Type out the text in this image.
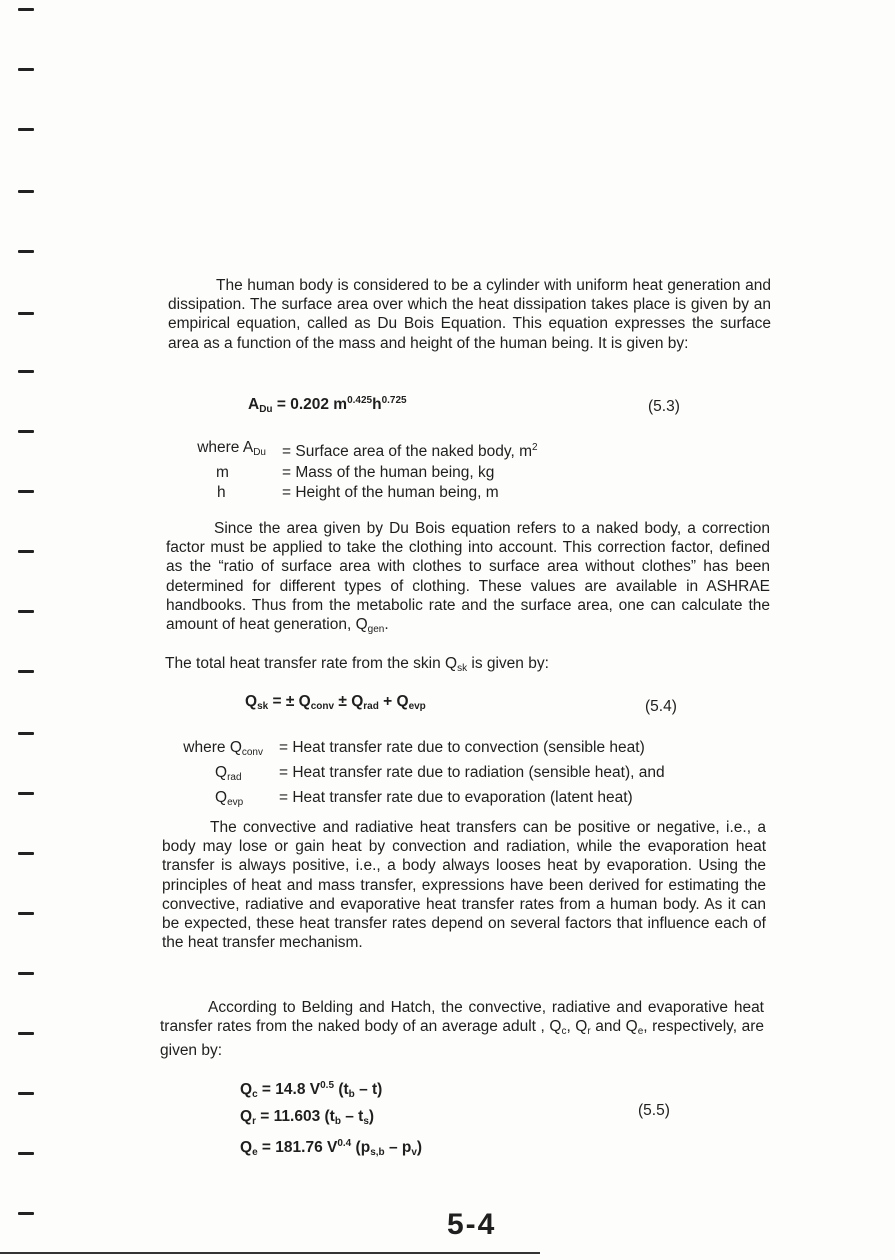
The human body is considered to be a cylinder with uniform heat generation and dissipation. The surface area over which the heat dissipation takes place is given by an empirical equation, called as Du Bois Equation. This equation expresses the surface area as a function of the mass and height of the human being. It is given by:

$A_{Du} = 0.202$ $m^{0.425}h^{0.725}$	(5.3)
where $A_{Du}$	= Surface area of the naked body, $m^2$
m	= Mass of the human being, kg
h	= Height of the human being, m

Since the area given by Du Bois equation refers to a naked body, a correction factor must be applied to take the clothing into account. This correction factor, defined as the “ratio of surface area with clothes to surface area without clothes” has been determined for different types of clothing. These values are available in ASHRAE handbooks. Thus from the metabolic rate and the surface area, one can calculate the amount of heat generation, $Q_{gen}$.

The total heat transfer rate from the skin $Q_{sk}$ is given by:
$Q_{sk}$ = ± $Q_{conv} \pm Q_{rad} + Q_{evp}$	(5.4)
where $Q_{conv}$	= Heat transfer rate due to convection (sensible heat)
$Q_{rad}$	= Heat transfer rate due to radiation (sensible heat), and
$Q_{evp}$	= Heat transfer rate due to evaporation (latent heat)

The convective and radiative heat transfers can be positive or negative, i.e., a body may lose or gain heat by convection and radiation, while the evaporation heat transfer is always positive, i.e., a body always looses heat by evaporation. Using the principles of heat and mass transfer, expressions have been derived for estimating the convective, radiative and evaporative heat transfer rates from a human body. As it can be expected, these heat transfer rates depend on several factors that influence each of the heat transfer mechanism.

According to Belding and Hatch, the convective, radiative and evaporative heat transfer rates from the naked body of an average adult , $Q_c$, $Q_r$ and $Q_e$, respectively, are given by:

$Q_c = 14.8$ $V^{0.5}$ $(t_b - t)$
$Q_r = 11.603$ $(t_b - t_s)$
$Q_e = 181.76$ $V^{0.4}$ $(p_{s,b} - p_v)$
(5.5)
5-4
